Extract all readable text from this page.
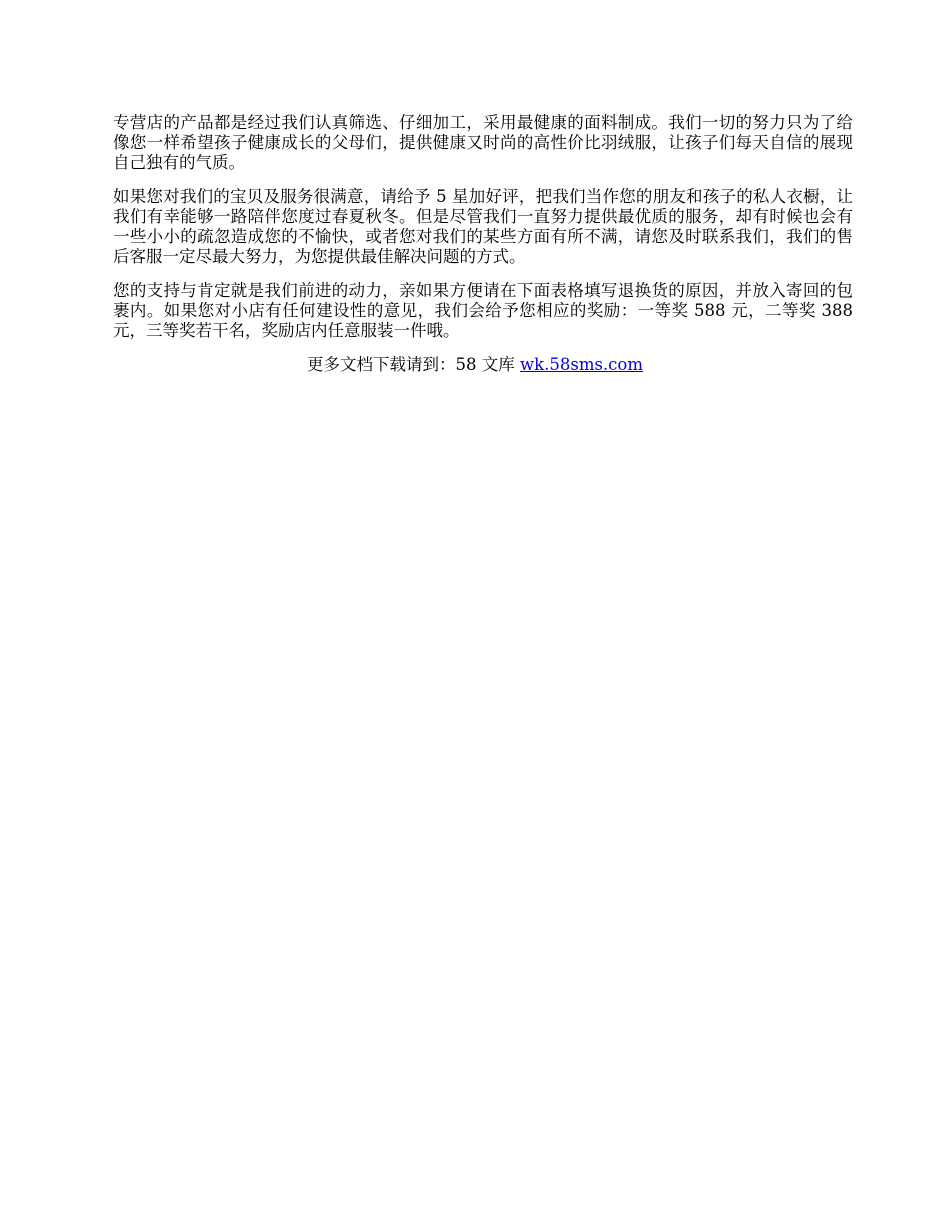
专营店的产品都是经过我们认真筛选、仔细加工，采用最健康的面料制成。我们一切的努力只为了给像您一样希望孩子健康成长的父母们，提供健康又时尚的高性价比羽绒服，让孩子们每天自信的展现自己独有的气质。

如果您对我们的宝贝及服务很满意，请给予 5 星加好评，把我们当作您的朋友和孩子的私人衣橱，让我们有幸能够一路陪伴您度过春夏秋冬。但是尽管我们一直努力提供最优质的服务，却有时候也会有一些小小的疏忽造成您的不愉快，或者您对我们的某些方面有所不满，请您及时联系我们，我们的售后客服一定尽最大努力，为您提供最佳解决问题的方式。

您的支持与肯定就是我们前进的动力，亲如果方便请在下面表格填写退换货的原因，并放入寄回的包裹内。如果您对小店有任何建设性的意见，我们会给予您相应的奖励：一等奖 588 元，二等奖 388 元，三等奖若干名，奖励店内任意服装一件哦。

更多文档下载请到：58 文库 wk.58sms.com
